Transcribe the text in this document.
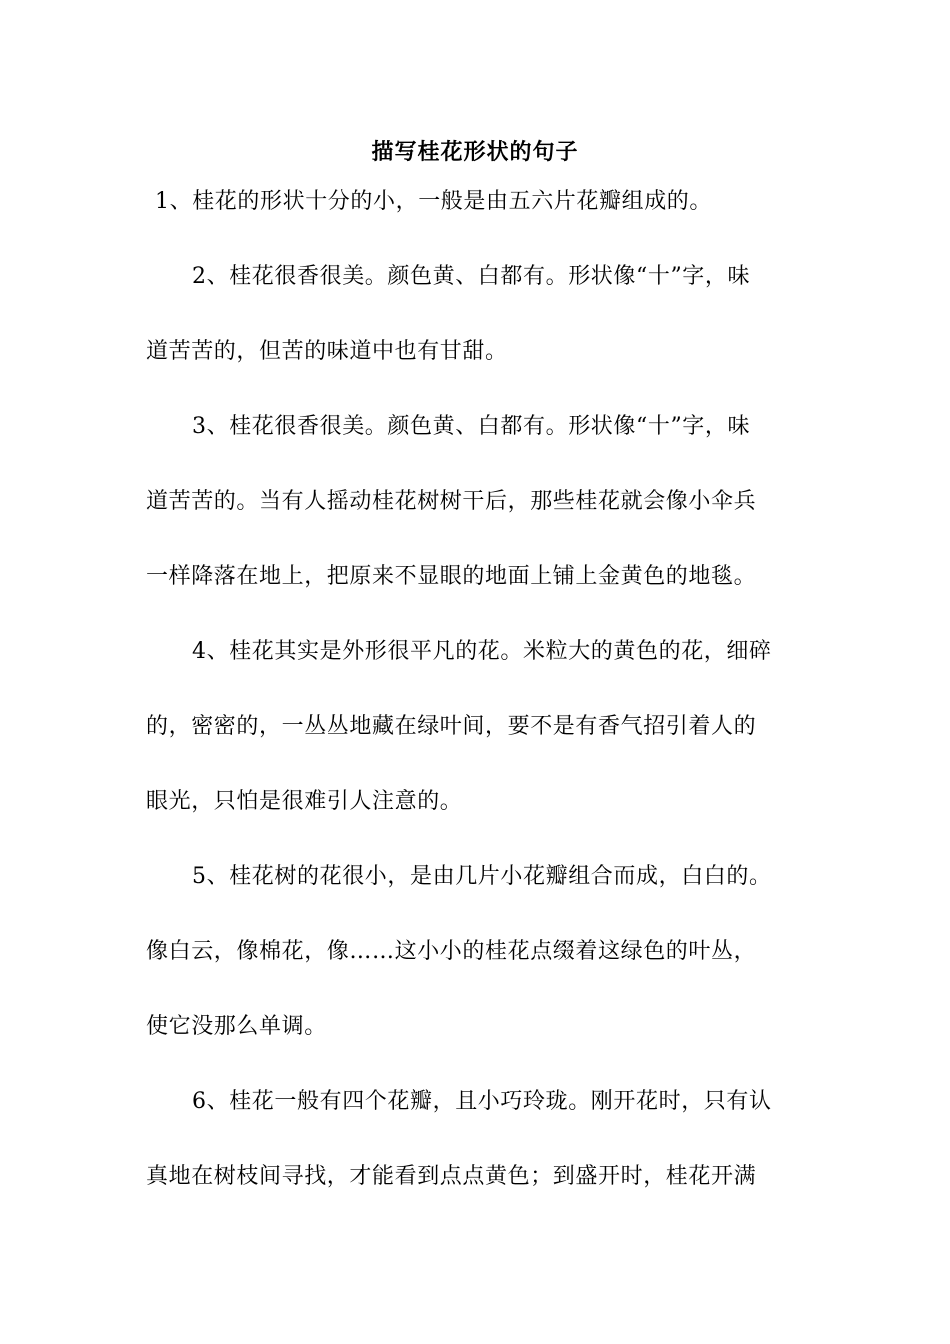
描写桂花形状的句子
1、桂花的形状十分的小，一般是由五六片花瓣组成的。
2、桂花很香很美。颜色黄、白都有。形状像“十”字，味
道苦苦的，但苦的味道中也有甘甜。
3、桂花很香很美。颜色黄、白都有。形状像“十”字，味
道苦苦的。当有人摇动桂花树树干后，那些桂花就会像小伞兵
一样降落在地上，把原来不显眼的地面上铺上金黄色的地毯。
4、桂花其实是外形很平凡的花。米粒大的黄色的花，细碎
的，密密的，一丛丛地藏在绿叶间，要不是有香气招引着人的
眼光，只怕是很难引人注意的。
5、桂花树的花很小，是由几片小花瓣组合而成，白白的。
像白云，像棉花，像……这小小的桂花点缀着这绿色的叶丛，
使它没那么单调。
6、桂花一般有四个花瓣，且小巧玲珑。刚开花时，只有认
真地在树枝间寻找，才能看到点点黄色；到盛开时，桂花开满
